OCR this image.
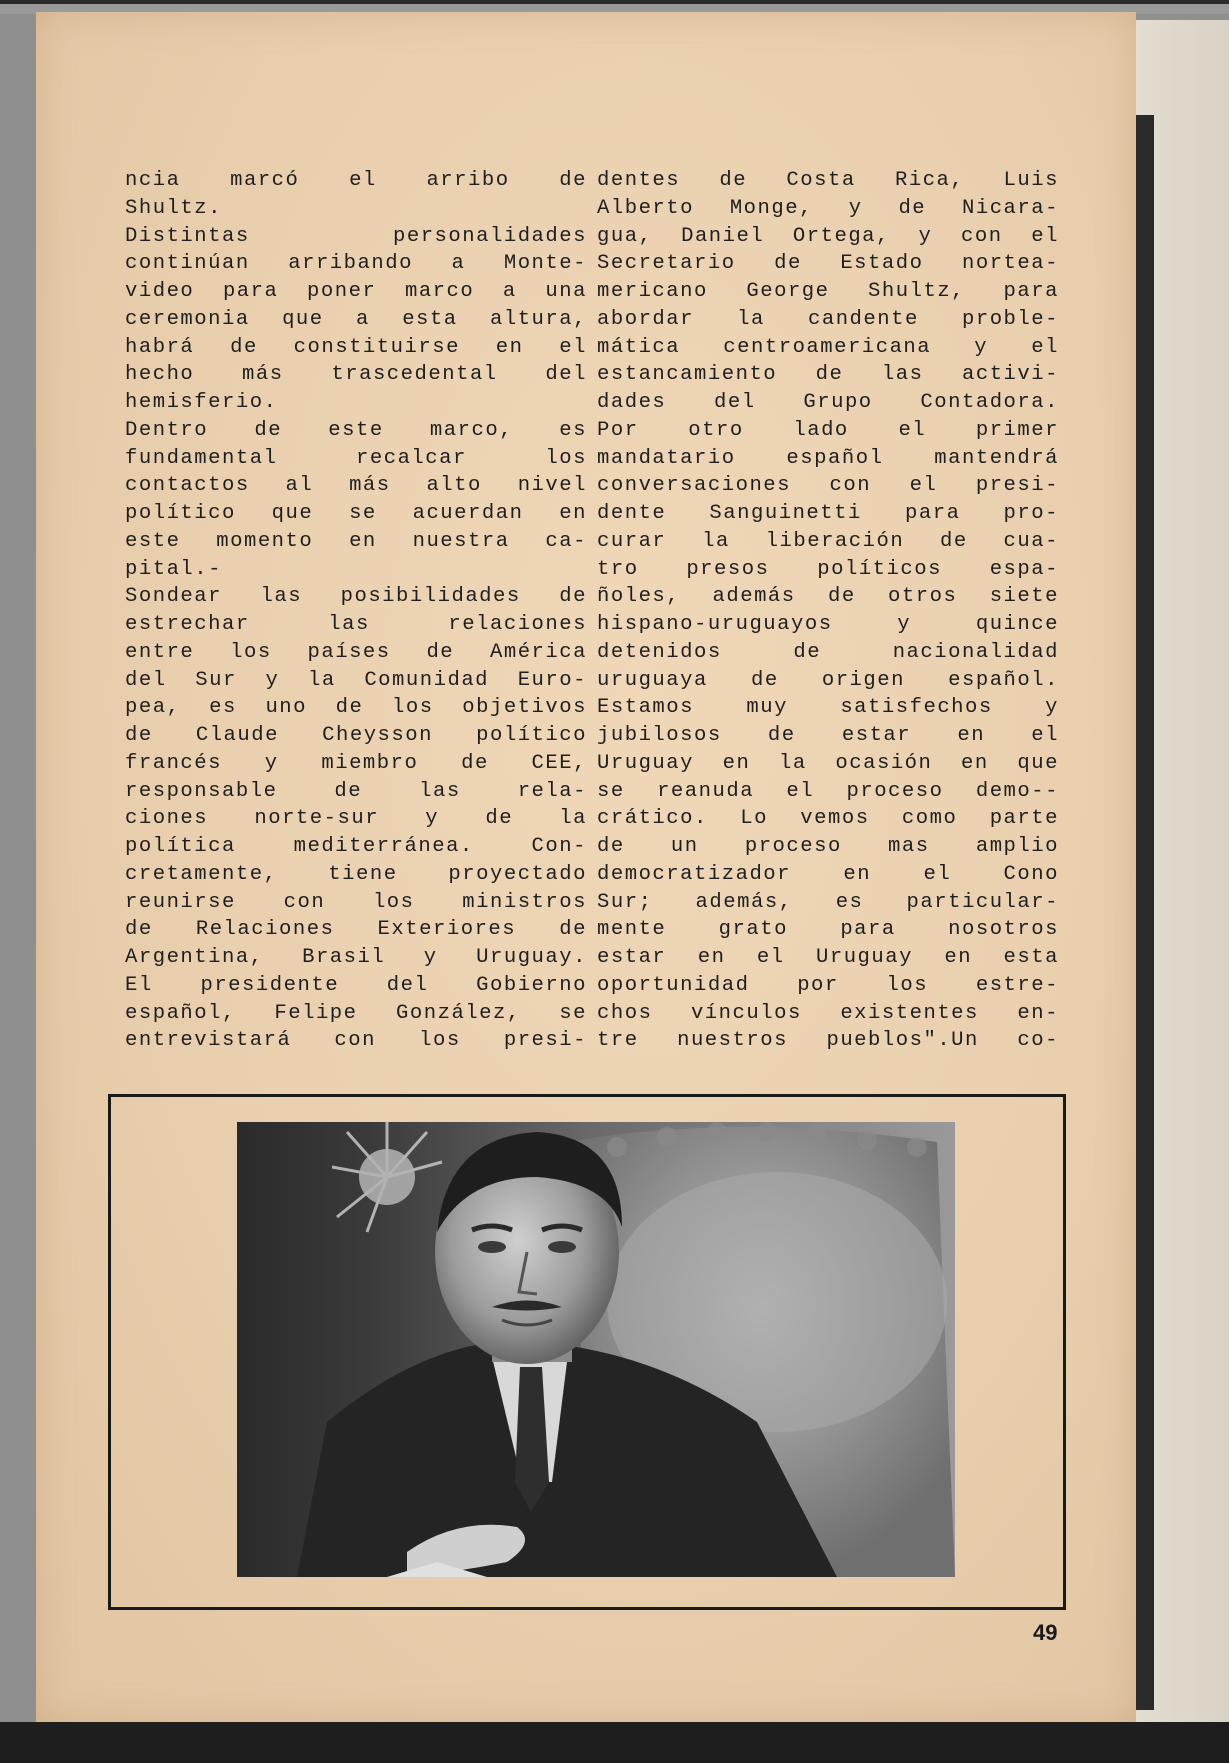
ncia marcó el arribo de
Shultz.
Distintas personalidades
continúan arribando a Monte-
video para poner marco a una
ceremonia que a esta altura,
habrá de constituirse en el
hecho más trascedental del
hemisferio.
Dentro de este marco, es
fundamental recalcar los
contactos al más alto nivel
político que se acuerdan en
este momento en nuestra ca-
pital.-
Sondear las posibilidades de
estrechar las relaciones
entre los países de América
del Sur y la Comunidad Euro-
pea, es uno de los objetivos
de Claude Cheysson político
francés y miembro de CEE,
responsable de las rela-
ciones norte-sur y de la
política mediterránea. Con-
cretamente, tiene proyectado
reunirse con los ministros
de Relaciones Exteriores de
Argentina, Brasil y Uruguay.
El presidente del Gobierno
español, Felipe González, se
entrevistará con los presi-
dentes de Costa Rica, Luis
Alberto Monge, y de Nicara-
gua, Daniel Ortega, y con el
Secretario de Estado nortea-
mericano George Shultz, para
abordar la candente proble-
mática centroamericana y el
estancamiento de las activi-
dades del Grupo Contadora.
Por otro lado el primer
mandatario español mantendrá
conversaciones con el presi-
dente Sanguinetti para pro-
curar la liberación de cua-
tro presos políticos espa-
ñoles, además de otros siete
hispano-uruguayos y quince
detenidos de nacionalidad
uruguaya de origen español.
Estamos muy satisfechos y
jubilosos de estar en el
Uruguay en la ocasión en que
se reanuda el proceso demo--
crático. Lo vemos como parte
de un proceso mas amplio
democratizador en el Cono
Sur; además, es particular-
mente grato para nosotros
estar en el Uruguay en esta
oportunidad por los estre-
chos vínculos existentes en-
tre nuestros pueblos".Un co-
49
